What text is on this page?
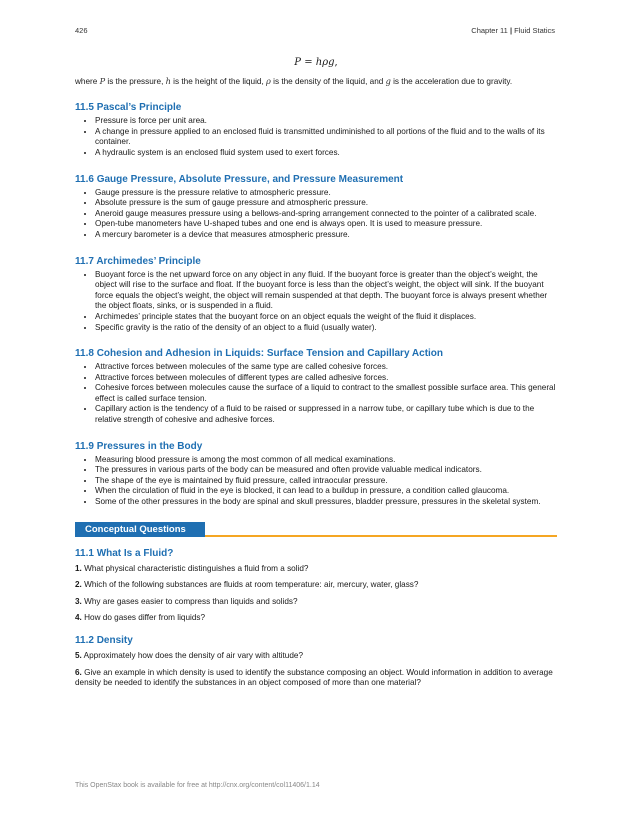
426	Chapter 11 | Fluid Statics
P = hρg,
where P is the pressure, h is the height of the liquid, ρ is the density of the liquid, and g is the acceleration due to gravity.
11.5 Pascal’s Principle
• Pressure is force per unit area.
• A change in pressure applied to an enclosed fluid is transmitted undiminished to all portions of the fluid and to the walls of its container.
• A hydraulic system is an enclosed fluid system used to exert forces.
11.6 Gauge Pressure, Absolute Pressure, and Pressure Measurement
• Gauge pressure is the pressure relative to atmospheric pressure.
• Absolute pressure is the sum of gauge pressure and atmospheric pressure.
• Aneroid gauge measures pressure using a bellows-and-spring arrangement connected to the pointer of a calibrated scale.
• Open-tube manometers have U-shaped tubes and one end is always open. It is used to measure pressure.
• A mercury barometer is a device that measures atmospheric pressure.
11.7 Archimedes’ Principle
• Buoyant force is the net upward force on any object in any fluid. If the buoyant force is greater than the object’s weight, the object will rise to the surface and float. If the buoyant force is less than the object’s weight, the object will sink. If the buoyant force equals the object’s weight, the object will remain suspended at that depth. The buoyant force is always present whether the object floats, sinks, or is suspended in a fluid.
• Archimedes’ principle states that the buoyant force on an object equals the weight of the fluid it displaces.
• Specific gravity is the ratio of the density of an object to a fluid (usually water).
11.8 Cohesion and Adhesion in Liquids: Surface Tension and Capillary Action
• Attractive forces between molecules of the same type are called cohesive forces.
• Attractive forces between molecules of different types are called adhesive forces.
• Cohesive forces between molecules cause the surface of a liquid to contract to the smallest possible surface area. This general effect is called surface tension.
• Capillary action is the tendency of a fluid to be raised or suppressed in a narrow tube, or capillary tube which is due to the relative strength of cohesive and adhesive forces.
11.9 Pressures in the Body
• Measuring blood pressure is among the most common of all medical examinations.
• The pressures in various parts of the body can be measured and often provide valuable medical indicators.
• The shape of the eye is maintained by fluid pressure, called intraocular pressure.
• When the circulation of fluid in the eye is blocked, it can lead to a buildup in pressure, a condition called glaucoma.
• Some of the other pressures in the body are spinal and skull pressures, bladder pressure, pressures in the skeletal system.
Conceptual Questions
11.1 What Is a Fluid?
1. What physical characteristic distinguishes a fluid from a solid?
2. Which of the following substances are fluids at room temperature: air, mercury, water, glass?
3. Why are gases easier to compress than liquids and solids?
4. How do gases differ from liquids?
11.2 Density
5. Approximately how does the density of air vary with altitude?
6. Give an example in which density is used to identify the substance composing an object. Would information in addition to average density be needed to identify the substances in an object composed of more than one material?
This OpenStax book is available for free at http://cnx.org/content/col11406/1.14
